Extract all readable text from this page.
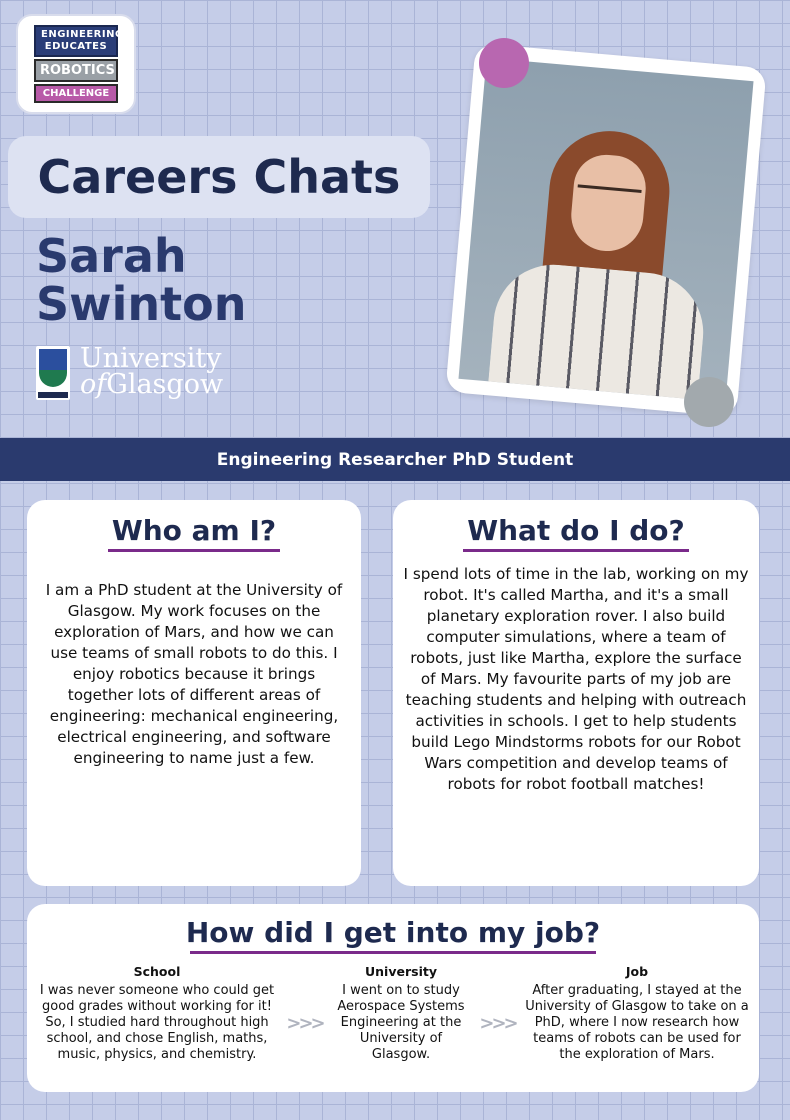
ENGINEERING EDUCATES
ROBOTICS
CHALLENGE
Careers Chats
Sarah
Swinton
University
ofGlasgow
Engineering Researcher PhD Student
Who am I?

I am a PhD student at the University of Glasgow. My work focuses on the exploration of Mars, and how we can use teams of small robots to do this. I enjoy robotics because it brings together lots of different areas of engineering: mechanical engineering, electrical engineering, and software engineering to name just a few.

What do I do?

I spend lots of time in the lab, working on my robot. It's called Martha, and it's a small planetary exploration rover. I also build computer simulations, where a team of robots, just like Martha, explore the surface of Mars. My favourite parts of my job are teaching students and helping with outreach activities in schools. I get to help students build Lego Mindstorms robots for our Robot Wars competition and develop teams of robots for robot football matches!

How did I get into my job?
School

I was never someone who could get good grades without working for it! So, I studied hard throughout high school, and chose English, maths, music, physics, and chemistry.

>>>
University

I went on to study Aerospace Systems Engineering at the University of Glasgow.

>>>
Job

After graduating, I stayed at the University of Glasgow to take on a PhD, where I now research how teams of robots can be used for the exploration of Mars.
